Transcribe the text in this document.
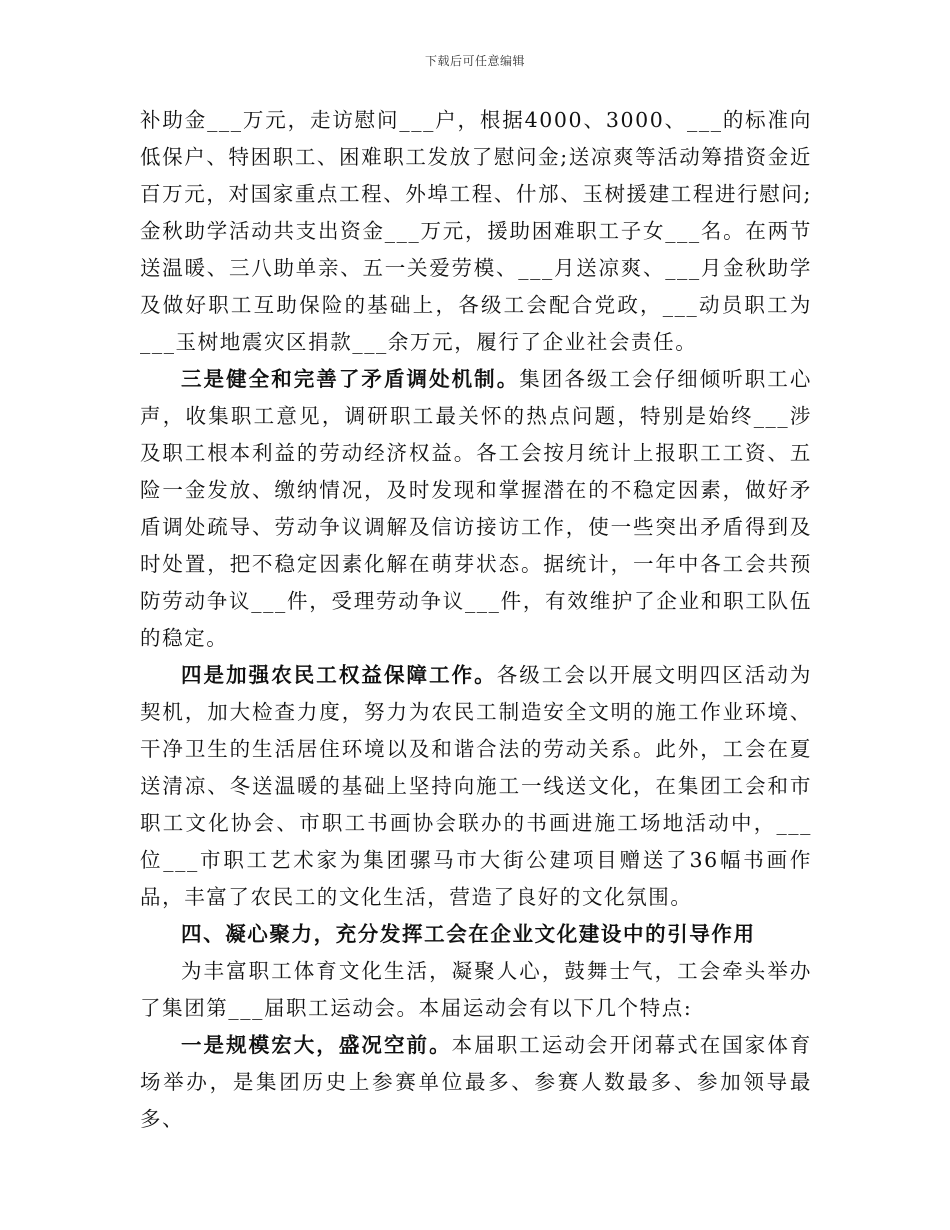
下载后可任意编辑

补助金___万元，走访慰问___户，根据4000、3000、___的标准向低保户、特困职工、困难职工发放了慰问金;送凉爽等活动筹措资金近百万元，对国家重点工程、外埠工程、什邡、玉树援建工程进行慰问;金秋助学活动共支出资金___万元，援助困难职工子女___名。在两节送温暖、三八助单亲、五一关爱劳模、___月送凉爽、___月金秋助学及做好职工互助保险的基础上，各级工会配合党政，___动员职工为___玉树地震灾区捐款___余万元，履行了企业社会责任。

三是健全和完善了矛盾调处机制。集团各级工会仔细倾听职工心声，收集职工意见，调研职工最关怀的热点问题，特别是始终___涉及职工根本利益的劳动经济权益。各工会按月统计上报职工工资、五险一金发放、缴纳情况，及时发现和掌握潜在的不稳定因素，做好矛盾调处疏导、劳动争议调解及信访接访工作，使一些突出矛盾得到及时处置，把不稳定因素化解在萌芽状态。据统计，一年中各工会共预防劳动争议___件，受理劳动争议___件，有效维护了企业和职工队伍的稳定。

四是加强农民工权益保障工作。各级工会以开展文明四区活动为契机，加大检查力度，努力为农民工制造安全文明的施工作业环境、干净卫生的生活居住环境以及和谐合法的劳动关系。此外，工会在夏送清凉、冬送温暖的基础上坚持向施工一线送文化，在集团工会和市职工文化协会、市职工书画协会联办的书画进施工场地活动中，___位___市职工艺术家为集团骡马市大街公建项目赠送了36幅书画作品，丰富了农民工的文化生活，营造了良好的文化氛围。

四、凝心聚力，充分发挥工会在企业文化建设中的引导作用

为丰富职工体育文化生活，凝聚人心，鼓舞士气，工会牵头举办了集团第___届职工运动会。本届运动会有以下几个特点:

一是规模宏大，盛况空前。本届职工运动会开闭幕式在国家体育场举办，是集团历史上参赛单位最多、参赛人数最多、参加领导最多、
